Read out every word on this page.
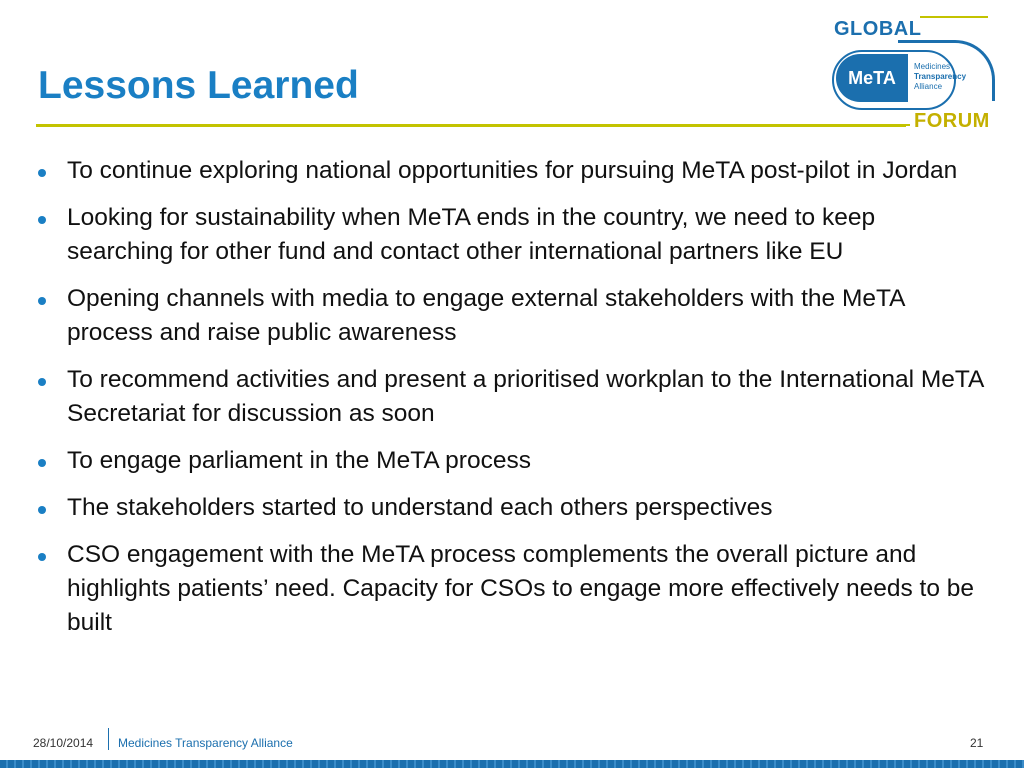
Lessons Learned
GLOBAL
MeTA
Medicines
Transparency
Alliance
FORUM
To continue exploring national opportunities for pursuing MeTA post-pilot in Jordan
Looking for sustainability when MeTA ends in the country, we need to keep searching for other fund and contact other international partners like EU
Opening channels with media to engage external stakeholders with the MeTA process and raise public awareness
To recommend activities and present a prioritised workplan to the International MeTA Secretariat for discussion as soon
To engage parliament in the MeTA process
The stakeholders started to understand each others perspectives
CSO engagement with the MeTA process complements the overall picture and highlights patients’ need. Capacity for CSOs to engage more effectively needs to be built
28/10/2014 Medicines Transparency Alliance	21
